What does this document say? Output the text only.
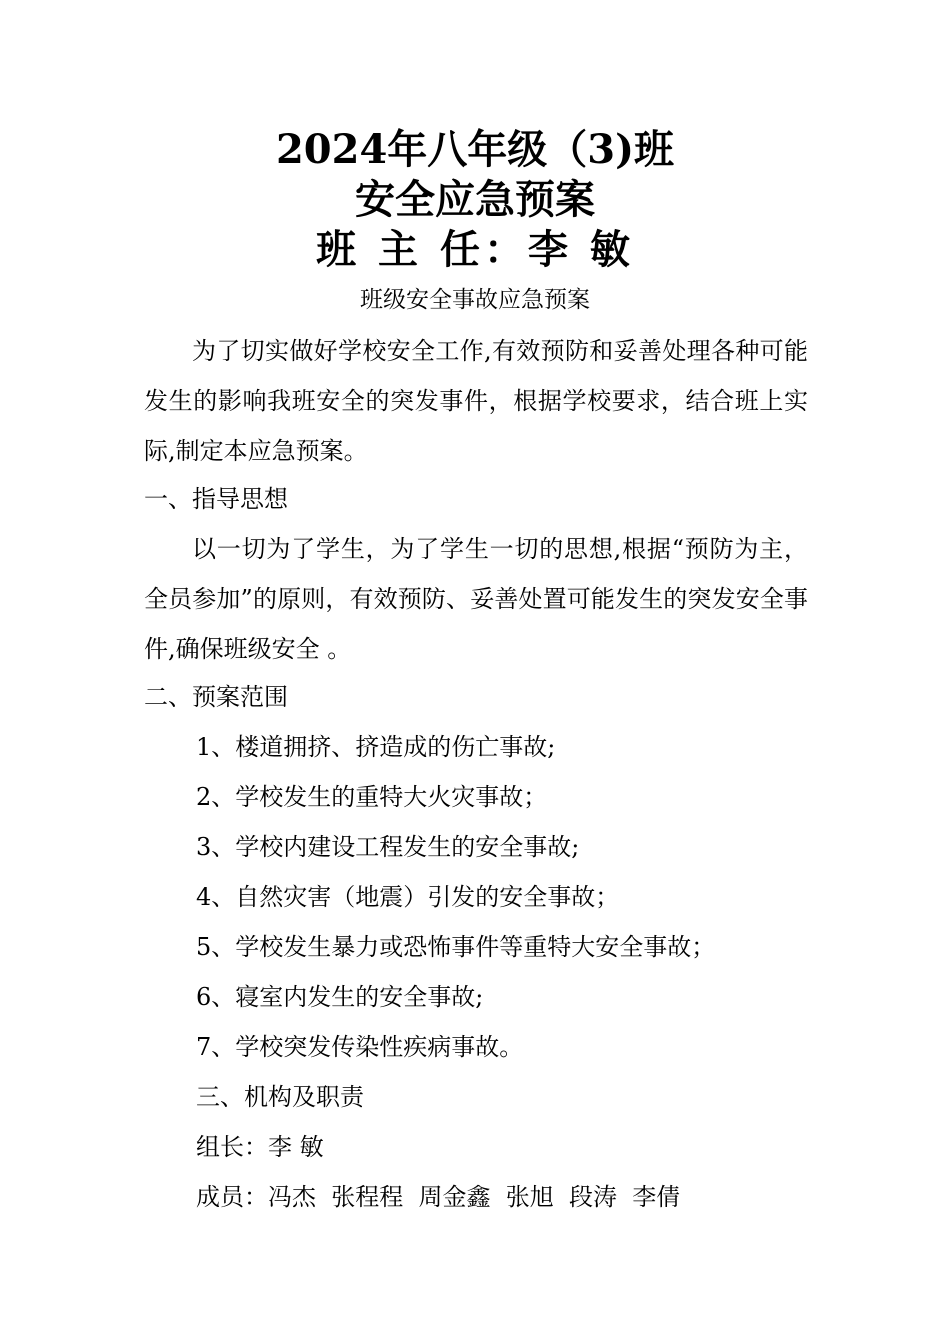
2024年八年级（3)班
安全应急预案
班 主 任：李 敏
班级安全事故应急预案
为了切实做好学校安全工作,有效预防和妥善处理各种可能发生的影响我班安全的突发事件，根据学校要求，结合班上实际,制定本应急预案。
一、指导思想
以一切为了学生，为了学生一切的思想,根据“预防为主，全员参加”的原则，有效预防、妥善处置可能发生的突发安全事件,确保班级安全 。
二、预案范围
1、楼道拥挤、挤造成的伤亡事故;
2、学校发生的重特大火灾事故；
3、学校内建设工程发生的安全事故;
4、自然灾害（地震）引发的安全事故；
5、学校发生暴力或恐怖事件等重特大安全事故；
6、寝室内发生的安全事故;
7、学校突发传染性疾病事故。
三、机构及职责
组长：李 敏
成员：冯杰  张程程  周金鑫  张旭  段涛  李倩
